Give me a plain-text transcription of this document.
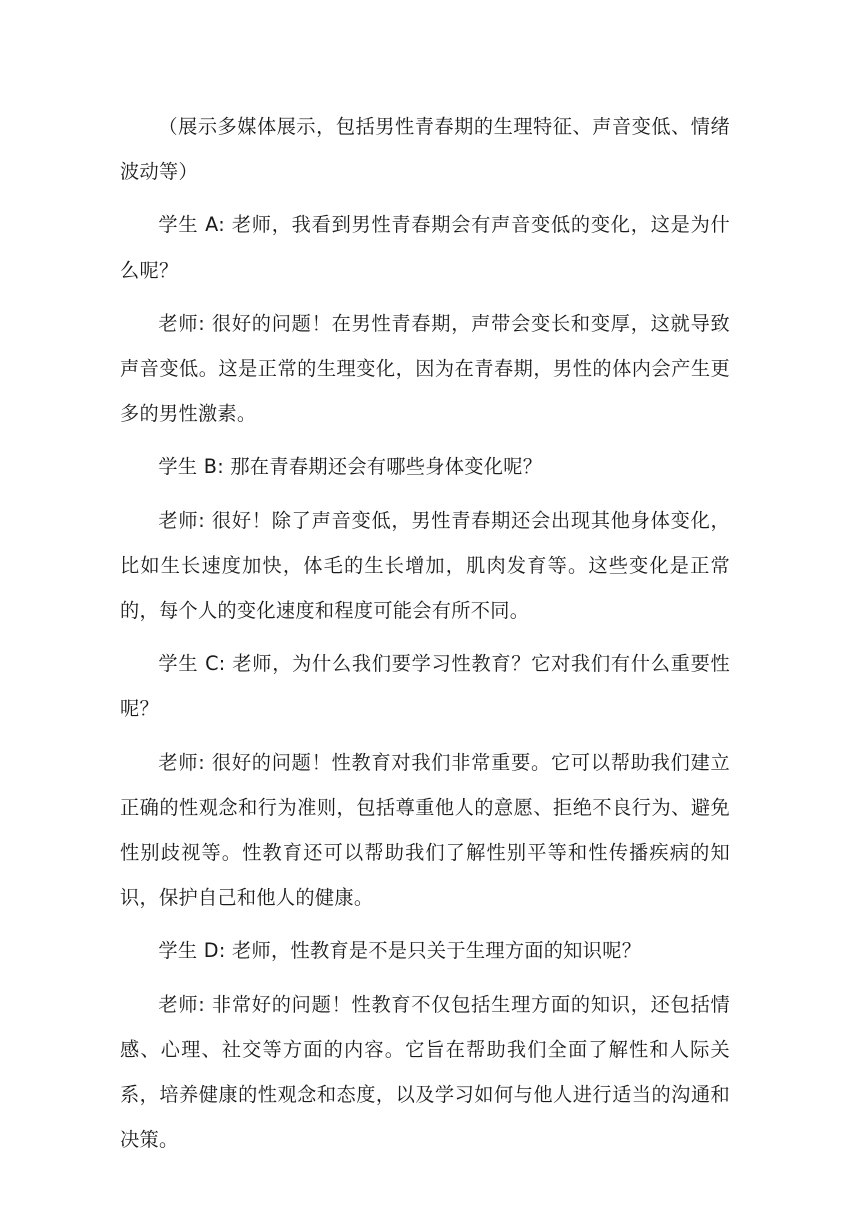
（展示多媒体展示，包括男性青春期的生理特征、声音变低、情绪波动等）

学生 A: 老师，我看到男性青春期会有声音变低的变化，这是为什么呢？

老师: 很好的问题！在男性青春期，声带会变长和变厚，这就导致声音变低。这是正常的生理变化，因为在青春期，男性的体内会产生更多的男性激素。

学生 B: 那在青春期还会有哪些身体变化呢？

老师: 很好！除了声音变低，男性青春期还会出现其他身体变化，比如生长速度加快，体毛的生长增加，肌肉发育等。这些变化是正常的，每个人的变化速度和程度可能会有所不同。

学生 C: 老师，为什么我们要学习性教育？它对我们有什么重要性呢？

老师: 很好的问题！性教育对我们非常重要。它可以帮助我们建立正确的性观念和行为准则，包括尊重他人的意愿、拒绝不良行为、避免性别歧视等。性教育还可以帮助我们了解性别平等和性传播疾病的知识，保护自己和他人的健康。

学生 D: 老师，性教育是不是只关于生理方面的知识呢？

老师: 非常好的问题！性教育不仅包括生理方面的知识，还包括情感、心理、社交等方面的内容。它旨在帮助我们全面了解性和人际关系，培养健康的性观念和态度，以及学习如何与他人进行适当的沟通和决策。
